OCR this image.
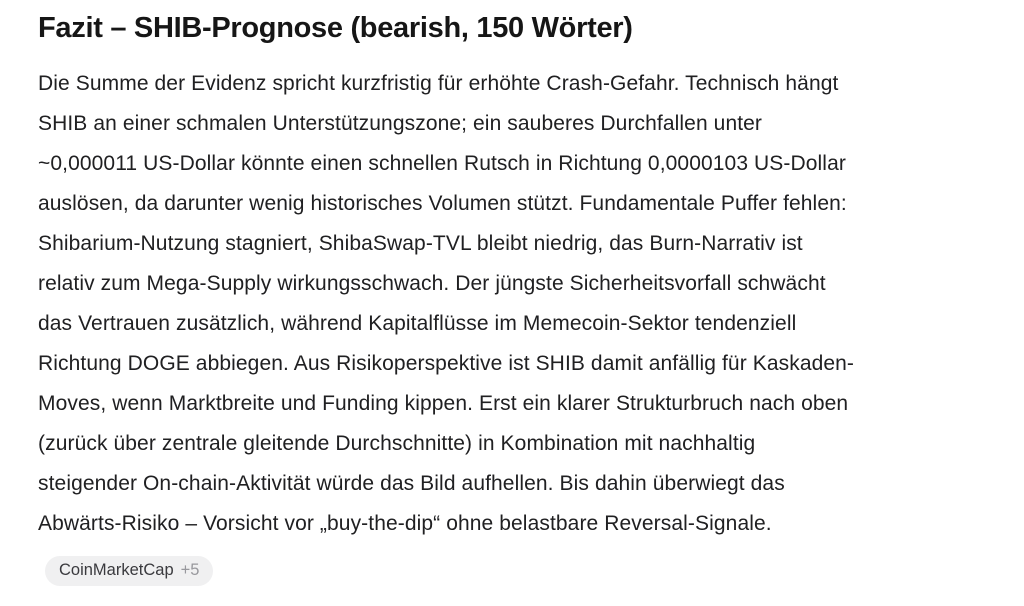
Fazit – SHIB-Prognose (bearish, 150 Wörter)
Die Summe der Evidenz spricht kurzfristig für erhöhte Crash-Gefahr. Technisch hängt
SHIB an einer schmalen Unterstützungszone; ein sauberes Durchfallen unter
~0,000011 US-Dollar könnte einen schnellen Rutsch in Richtung 0,0000103 US-Dollar
auslösen, da darunter wenig historisches Volumen stützt. Fundamentale Puffer fehlen:
Shibarium-Nutzung stagniert, ShibaSwap-TVL bleibt niedrig, das Burn-Narrativ ist
relativ zum Mega-Supply wirkungsschwach. Der jüngste Sicherheitsvorfall schwächt
das Vertrauen zusätzlich, während Kapitalflüsse im Memecoin-Sektor tendenziell
Richtung DOGE abbiegen. Aus Risikoperspektive ist SHIB damit anfällig für Kaskaden-
Moves, wenn Marktbreite und Funding kippen. Erst ein klarer Strukturbruch nach oben
(zurück über zentrale gleitende Durchschnitte) in Kombination mit nachhaltig
steigender On-chain-Aktivität würde das Bild aufhellen. Bis dahin überwiegt das
Abwärts-Risiko – Vorsicht vor „buy-the-dip“ ohne belastbare Reversal-Signale.
CoinMarketCap +5
